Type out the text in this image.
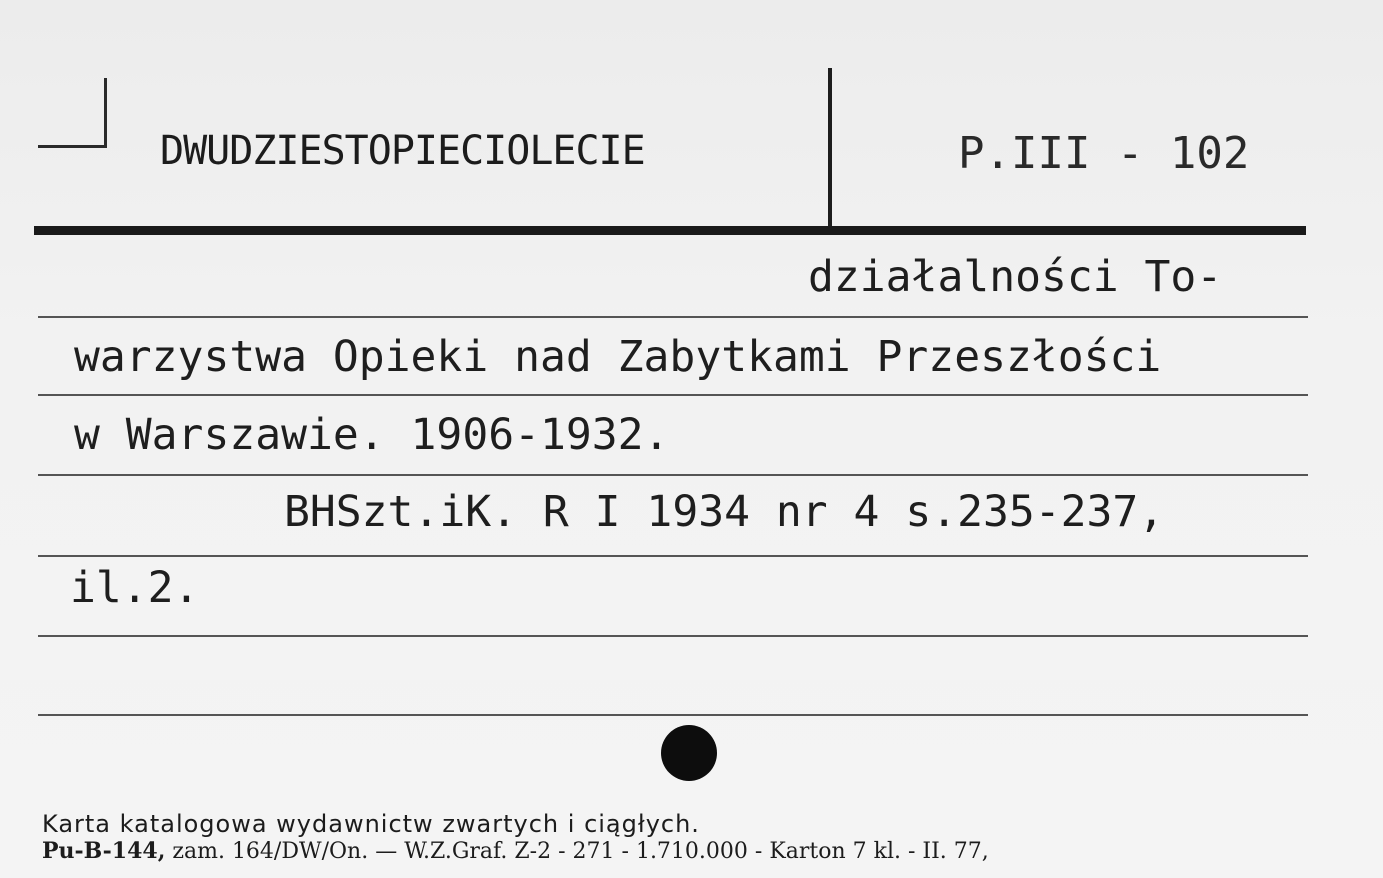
DWUDZIESTOPIECIOLECIE	P.III - 102
działalności To-
warzystwa Opieki nad Zabytkami Przeszłości
w Warszawie. 1906-1932.
BHSzt.iK. R I 1934 nr 4 s.235-237,
il.2.
Karta katalogowa wydawnictw zwartych i ciągłych.
Pu-B-144, zam. 164/DW/On. — W.Z.Graf. Z-2 - 271 - 1.710.000 - Karton 7 kl. - II. 77,
